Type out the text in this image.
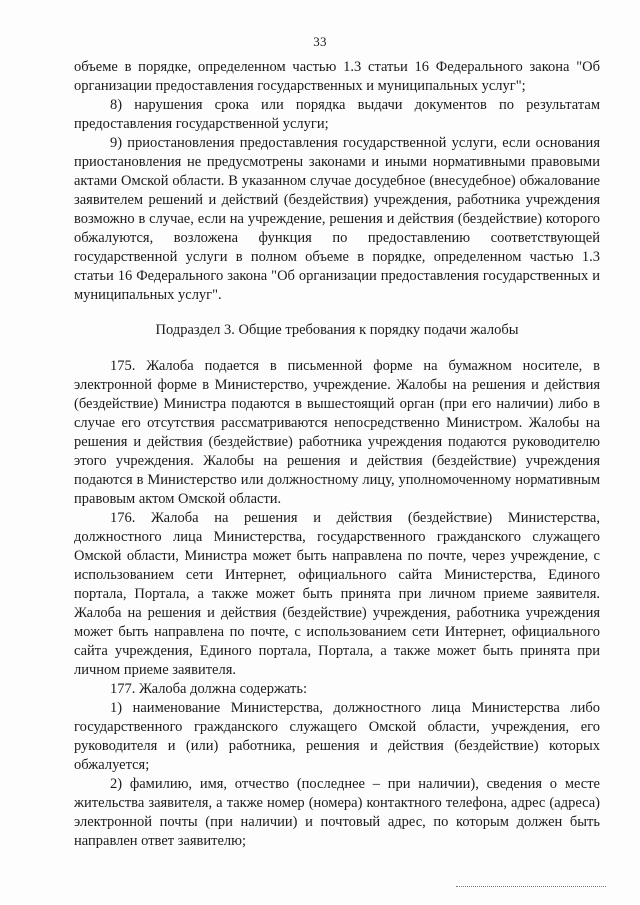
33

объеме в порядке, определенном частью 1.3 статьи 16 Федерального закона "Об организации предоставления государственных и муниципальных услуг";

8) нарушения срока или порядка выдачи документов по результатам предоставления государственной услуги;

9) приостановления предоставления государственной услуги, если основания приостановления не предусмотрены законами и иными нормативными правовыми актами Омской области. В указанном случае досудебное (внесудебное) обжалование заявителем решений и действий (бездействия) учреждения, работника учреждения возможно в случае, если на учреждение, решения и действия (бездействие) которого обжалуются, возложена функция по предоставлению соответствующей государственной услуги в полном объеме в порядке, определенном частью 1.3 статьи 16 Федерального закона "Об организации предоставления государственных и муниципальных услуг".

Подраздел 3. Общие требования к порядку подачи жалобы

175. Жалоба подается в письменной форме на бумажном носителе, в электронной форме в Министерство, учреждение. Жалобы на решения и действия (бездействие) Министра подаются в вышестоящий орган (при его наличии) либо в случае его отсутствия рассматриваются непосредственно Министром. Жалобы на решения и действия (бездействие) работника учреждения подаются руководителю этого учреждения. Жалобы на решения и действия (бездействие) учреждения подаются в Министерство или должностному лицу, уполномоченному нормативным правовым актом Омской области.

176. Жалоба на решения и действия (бездействие) Министерства, должностного лица Министерства, государственного гражданского служащего Омской области, Министра может быть направлена по почте, через учреждение, с использованием сети Интернет, официального сайта Министерства, Единого портала, Портала, а также может быть принята при личном приеме заявителя. Жалоба на решения и действия (бездействие) учреждения, работника учреждения может быть направлена по почте, с использованием сети Интернет, официального сайта учреждения, Единого портала, Портала, а также может быть принята при личном приеме заявителя.

177. Жалоба должна содержать:

1) наименование Министерства, должностного лица Министерства либо государственного гражданского служащего Омской области, учреждения, его руководителя и (или) работника, решения и действия (бездействие) которых обжалуется;

2) фамилию, имя, отчество (последнее – при наличии), сведения о месте жительства заявителя, а также номер (номера) контактного телефона, адрес (адреса) электронной почты (при наличии) и почтовый адрес, по которым должен быть направлен ответ заявителю;
